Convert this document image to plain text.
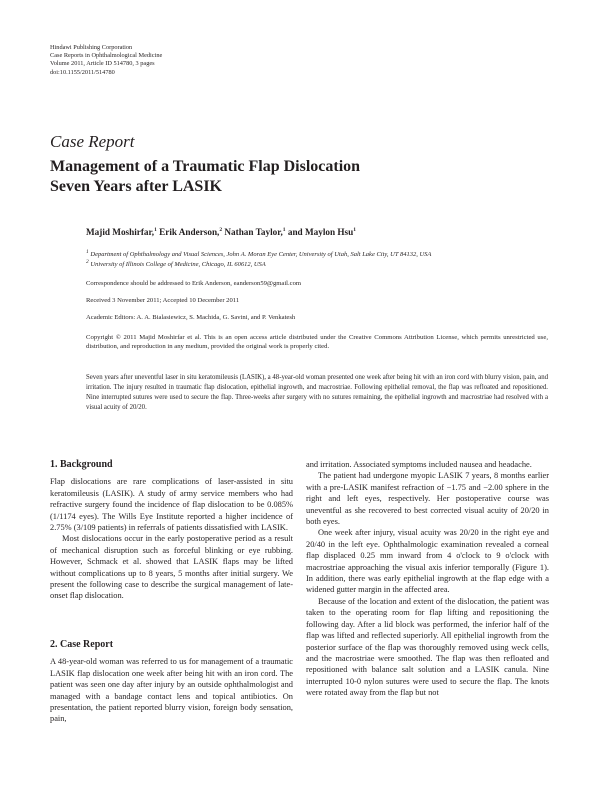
Hindawi Publishing Corporation
Case Reports in Ophthalmological Medicine
Volume 2011, Article ID 514780, 3 pages
doi:10.1155/2011/514780
Case Report
Management of a Traumatic Flap Dislocation
Seven Years after LASIK
Majid Moshirfar,$^1$ Erik Anderson,$^2$ Nathan Taylor,$^1$ and Maylon Hsu$^1$
$^1$ Department of Ophthalmology and Visual Sciences, John A. Moran Eye Center, University of Utah, Salt Lake City, UT 84132, USA
$^2$ University of Illinois College of Medicine, Chicago, IL 60612, USA
Correspondence should be addressed to Erik Anderson, eanderson59@gmail.com
Received 3 November 2011; Accepted 10 December 2011
Academic Editors: A. A. Bialasiewicz, S. Machida, G. Savini, and P. Venkatesh
Copyright © 2011 Majid Moshirfar et al. This is an open access article distributed under the Creative Commons Attribution License, which permits unrestricted use, distribution, and reproduction in any medium, provided the original work is properly cited.
Seven years after uneventful laser in situ keratomileusis (LASIK), a 48-year-old woman presented one week after being hit with an iron cord with blurry vision, pain, and irritation. The injury resulted in traumatic flap dislocation, epithelial ingrowth, and macrostriae. Following epithelial removal, the flap was refloated and repositioned. Nine interrupted sutures were used to secure the flap. Three-weeks after surgery with no sutures remaining, the epithelial ingrowth and macrostriae had resolved with a visual acuity of 20/20.
1. Background

Flap dislocations are rare complications of laser-assisted in situ keratomileusis (LASIK). A study of army service members who had refractive surgery found the incidence of flap dislocation to be 0.085% (1/1174 eyes). The Wills Eye Institute reported a higher incidence of 2.75% (3/109 patients) in referrals of patients dissatisfied with LASIK.

Most dislocations occur in the early postoperative period as a result of mechanical disruption such as forceful blinking or eye rubbing. However, Schmack et al. showed that LASIK flaps may be lifted without complications up to 8 years, 5 months after initial surgery. We present the following case to describe the surgical management of late-onset flap dislocation.

2. Case Report

A 48-year-old woman was referred to us for management of a traumatic LASIK flap dislocation one week after being hit with an iron cord. The patient was seen one day after injury by an outside ophthalmologist and managed with a bandage contact lens and topical antibiotics. On presentation, the patient reported blurry vision, foreign body sensation, pain,

and irritation. Associated symptoms included nausea and headache.

The patient had undergone myopic LASIK 7 years, 8 months earlier with a pre-LASIK manifest refraction of −1.75 and −2.00 sphere in the right and left eyes, respectively. Her postoperative course was uneventful as she recovered to best corrected visual acuity of 20/20 in both eyes.

One week after injury, visual acuity was 20/20 in the right eye and 20/40 in the left eye. Ophthalmologic examination revealed a corneal flap displaced 0.25 mm inward from 4 o'clock to 9 o'clock with macrostriae approaching the visual axis inferior temporally (Figure 1). In addition, there was early epithelial ingrowth at the flap edge with a widened gutter margin in the affected area.

Because of the location and extent of the dislocation, the patient was taken to the operating room for flap lifting and repositioning the following day. After a lid block was performed, the inferior half of the flap was lifted and reflected superiorly. All epithelial ingrowth from the posterior surface of the flap was thoroughly removed using weck cells, and the macrostriae were smoothed. The flap was then refloated and repositioned with balance salt solution and a LASIK canula. Nine interrupted 10-0 nylon sutures were used to secure the flap. The knots were rotated away from the flap but not
